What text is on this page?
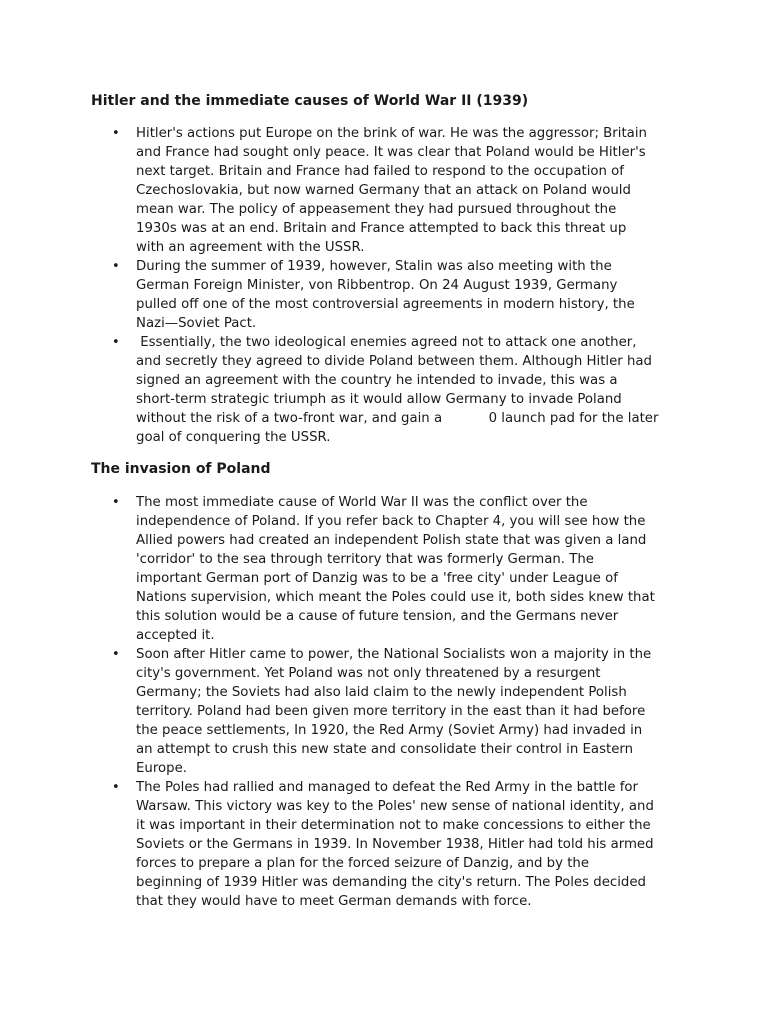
Hitler and the immediate causes of World War II (1939)
• Hitler's actions put Europe on the brink of war. He was the aggressor; Britain
and France had sought only peace. It was clear that Poland would be Hitler's
next target. Britain and France had failed to respond to the occupation of
Czechoslovakia, but now warned Germany that an attack on Poland would
mean war. The policy of appeasement they had pursued throughout the
1930s was at an end. Britain and France attempted to back this threat up
with an agreement with the USSR.
• During the summer of 1939, however, Stalin was also meeting with the
German Foreign Minister, von Ribbentrop. On 24 August 1939, Germany
pulled off one of the most controversial agreements in modern history, the
Nazi—Soviet Pact.
• Essentially, the two ideological enemies agreed not to attack one another,
and secretly they agreed to divide Poland between them. Although Hitler had
signed an agreement with the country he intended to invade, this was a
short-term strategic triumph as it would allow Germany to invade Poland
without the risk of a two-front war, and gain a           0 launch pad for the later
goal of conquering the USSR.
The invasion of Poland
• The most immediate cause of World War II was the conflict over the
independence of Poland. If you refer back to Chapter 4, you will see how the
Allied powers had created an independent Polish state that was given a land
'corridor' to the sea through territory that was formerly German. The
important German port of Danzig was to be a 'free city' under League of
Nations supervision, which meant the Poles could use it, both sides knew that
this solution would be a cause of future tension, and the Germans never
accepted it.
• Soon after Hitler came to power, the National Socialists won a majority in the
city's government. Yet Poland was not only threatened by a resurgent
Germany; the Soviets had also laid claim to the newly independent Polish
territory. Poland had been given more territory in the east than it had before
the peace settlements, In 1920, the Red Army (Soviet Army) had invaded in
an attempt to crush this new state and consolidate their control in Eastern
Europe.
• The Poles had rallied and managed to defeat the Red Army in the battle for
Warsaw. This victory was key to the Poles' new sense of national identity, and
it was important in their determination not to make concessions to either the
Soviets or the Germans in 1939. In November 1938, Hitler had told his armed
forces to prepare a plan for the forced seizure of Danzig, and by the
beginning of 1939 Hitler was demanding the city's return. The Poles decided
that they would have to meet German demands with force.
